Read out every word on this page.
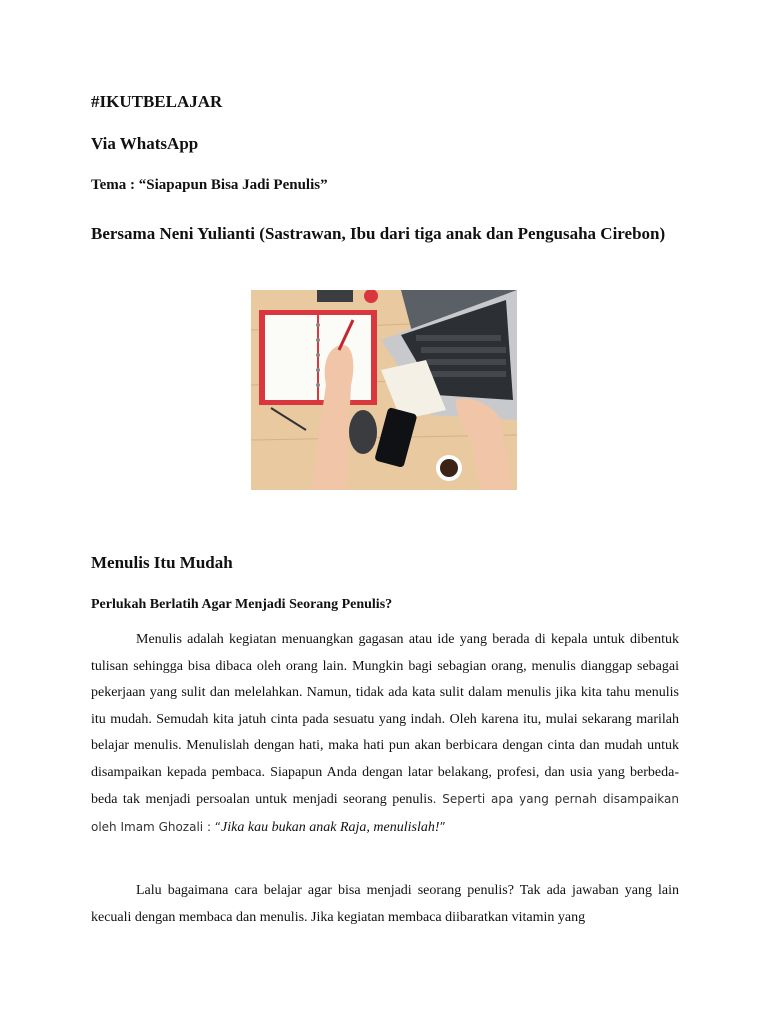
#IKUTBELAJAR
Via WhatsApp
Tema : “Siapapun Bisa Jadi Penulis”
Bersama Neni Yulianti (Sastrawan, Ibu dari tiga anak dan Pengusaha Cirebon)
Menulis Itu Mudah
Perlukah Berlatih Agar Menjadi Seorang Penulis?

Menulis adalah kegiatan menuangkan gagasan atau ide yang berada di kepala untuk dibentuk tulisan sehingga bisa dibaca oleh orang lain. Mungkin bagi sebagian orang, menulis dianggap sebagai pekerjaan yang sulit dan melelahkan. Namun, tidak ada kata sulit dalam menulis jika kita tahu menulis itu mudah. Semudah kita jatuh cinta pada sesuatu yang indah. Oleh karena itu, mulai sekarang marilah belajar menulis. Menulislah dengan hati, maka hati pun akan berbicara dengan cinta dan mudah untuk disampaikan kepada pembaca. Siapapun Anda dengan latar belakang, profesi, dan usia yang berbeda-beda tak menjadi persoalan untuk menjadi seorang penulis. Seperti apa yang pernah disampaikan oleh Imam Ghozali : “Jika kau bukan anak Raja, menulislah!”

Lalu bagaimana cara belajar agar bisa menjadi seorang penulis? Tak ada jawaban yang lain kecuali dengan membaca dan menulis. Jika kegiatan membaca diibaratkan vitamin yang
